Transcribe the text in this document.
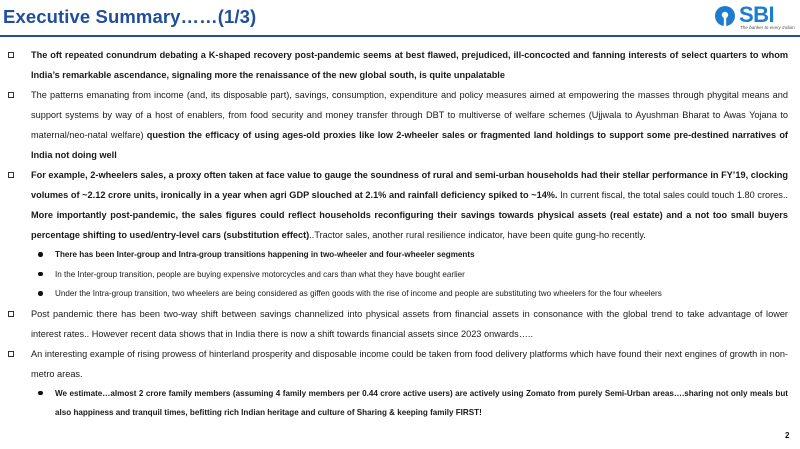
Executive Summary……(1/3)	SBI
The banker to every Indian

The oft repeated conundrum debating a K-shaped recovery post-pandemic seems at best flawed, prejudiced, ill-concocted and fanning interests of select quarters to whom India’s remarkable ascendance, signaling more the renaissance of the new global south, is quite unpalatable

The patterns emanating from income (and, its disposable part), savings, consumption, expenditure and policy measures aimed at empowering the masses through phygital means and support systems by way of a host of enablers, from food security and money transfer through DBT to multiverse of welfare schemes (Ujjwala to Ayushman Bharat to Awas Yojana to maternal/neo-natal welfare) question the efficacy of using ages-old proxies like low 2-wheeler sales or fragmented land holdings to support some pre-destined narratives of India not doing well

For example, 2-wheelers sales, a proxy often taken at face value to gauge the soundness of rural and semi-urban households had their stellar performance in FY’19, clocking volumes of ~2.12 crore units, ironically in a year when agri GDP slouched at 2.1% and rainfall deficiency spiked to ~14%. In current fiscal, the total sales could touch 1.80 crores.. More importantly post-pandemic, the sales figures could reflect households reconfiguring their savings towards physical assets (real estate) and a not too small buyers percentage shifting to used/entry-level cars (substitution effect)..Tractor sales, another rural resilience indicator, have been quite gung-ho recently.

There has been Inter-group and Intra-group transitions happening in two-wheeler and four-wheeler segments

In the Inter-group transition, people are buying expensive motorcycles and cars than what they have bought earlier

Under the Intra-group transition, two wheelers are being considered as giffen goods with the rise of income and people are substituting two wheelers for the four wheelers

Post pandemic there has been two-way shift between savings channelized into physical assets from financial assets in consonance with the global trend to take advantage of lower interest rates.. However recent data shows that in India there is now a shift towards financial assets since 2023 onwards…..

An interesting example of rising prowess of hinterland prosperity and disposable income could be taken from food delivery platforms which have found their next engines of growth in non-metro areas.

We estimate…almost 2 crore family members (assuming 4 family members per 0.44 crore active users) are actively using Zomato from purely Semi-Urban areas….sharing not only meals but also happiness and tranquil times, befitting rich Indian heritage and culture of Sharing & keeping family FIRST!

2
